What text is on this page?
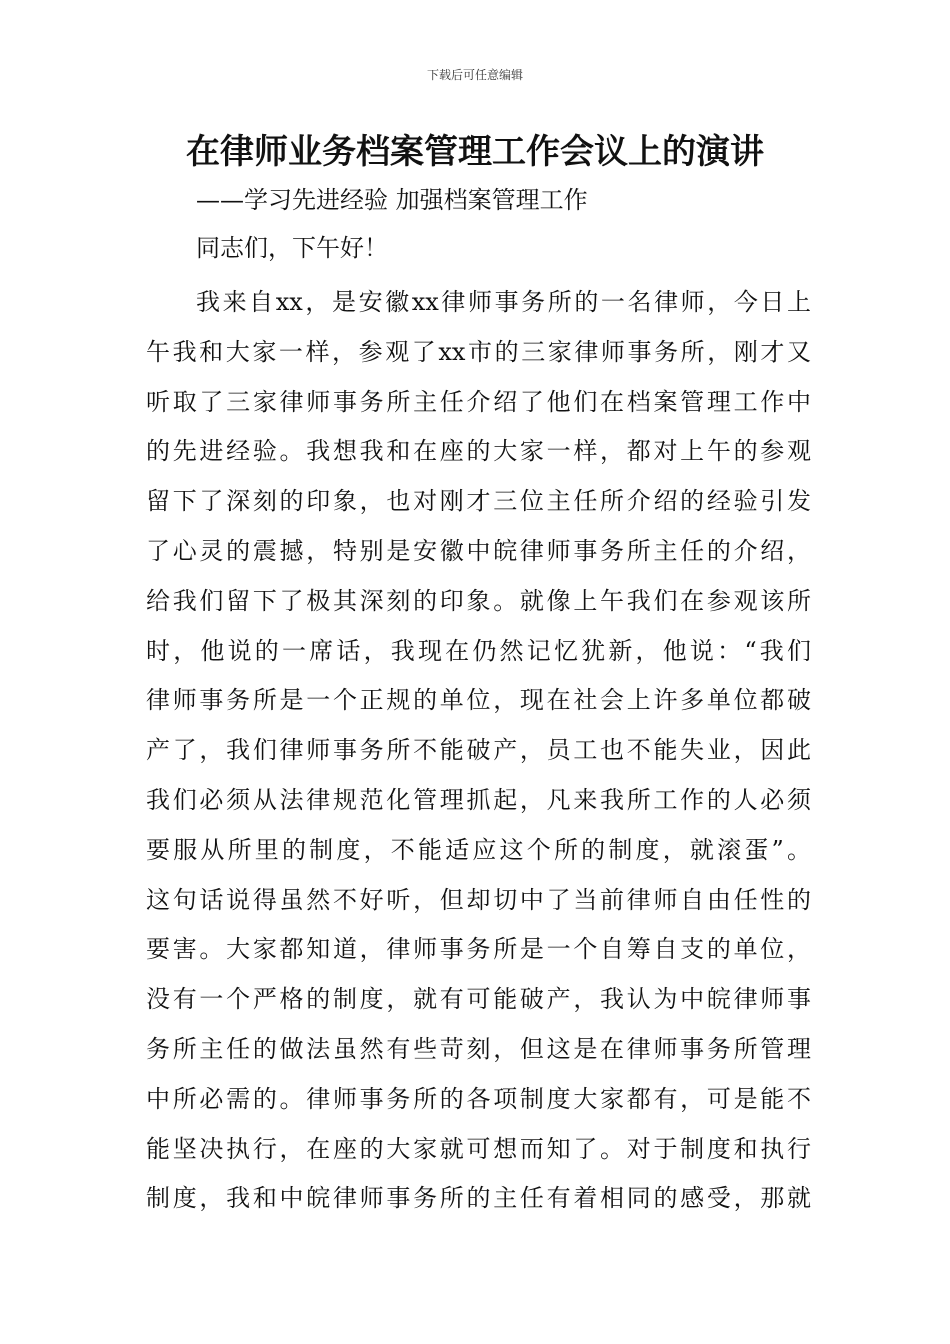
下载后可任意编辑
在律师业务档案管理工作会议上的演讲
——学习先进经验 加强档案管理工作
同志们，下午好！
我来自xx，是安徽xx律师事务所的一名律师，今日上
午我和大家一样，参观了xx市的三家律师事务所，刚才又
听取了三家律师事务所主任介绍了他们在档案管理工作中
的先进经验。我想我和在座的大家一样，都对上午的参观
留下了深刻的印象，也对刚才三位主任所介绍的经验引发
了心灵的震撼，特别是安徽中皖律师事务所主任的介绍，
给我们留下了极其深刻的印象。就像上午我们在参观该所
时，他说的一席话，我现在仍然记忆犹新，他说：“我们
律师事务所是一个正规的单位，现在社会上许多单位都破
产了，我们律师事务所不能破产，员工也不能失业，因此
我们必须从法律规范化管理抓起，凡来我所工作的人必须
要服从所里的制度，不能适应这个所的制度，就滚蛋”。
这句话说得虽然不好听，但却切中了当前律师自由任性的
要害。大家都知道，律师事务所是一个自筹自支的单位，
没有一个严格的制度，就有可能破产，我认为中皖律师事
务所主任的做法虽然有些苛刻，但这是在律师事务所管理
中所必需的。律师事务所的各项制度大家都有，可是能不
能坚决执行，在座的大家就可想而知了。对于制度和执行
制度，我和中皖律师事务所的主任有着相同的感受，那就
